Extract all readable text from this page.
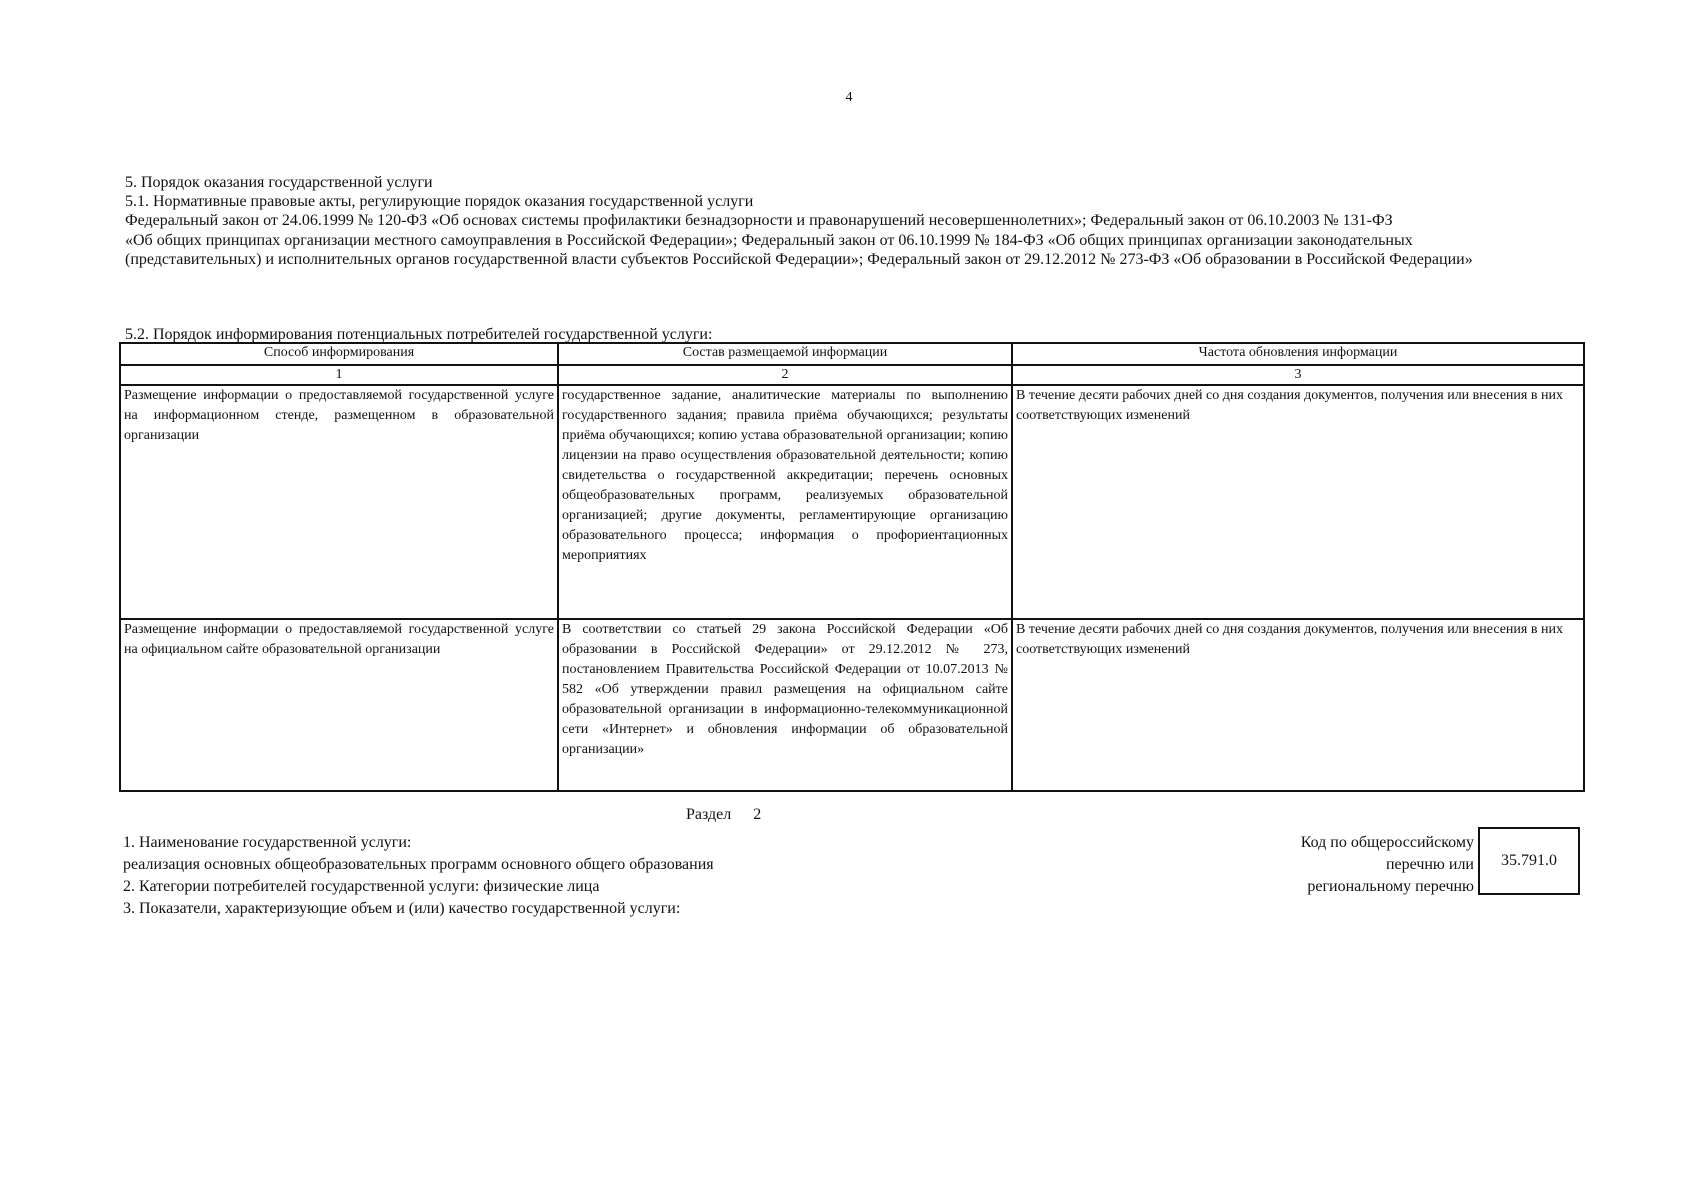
4
5. Порядок оказания государственной услуги
5.1. Нормативные правовые акты, регулирующие порядок оказания государственной услуги
Федеральный закон от 24.06.1999 № 120-ФЗ «Об основах системы профилактики безнадзорности и правонарушений несовершеннолетних»; Федеральный закон от 06.10.2003 № 131-ФЗ
«Об общих принципах организации местного самоуправления в Российской Федерации»; Федеральный закон от 06.10.1999 № 184-ФЗ «Об общих принципах организации законодательных
(представительных) и исполнительных органов государственной власти субъектов Российской Федерации»; Федеральный закон от 29.12.2012 № 273-ФЗ «Об образовании в Российской Федерации»
5.2. Порядок информирования потенциальных потребителей государственной услуги:
Способ информирования	Состав размещаемой информации	Частота обновления информации
1	2	3
Размещение информации о предоставляемой государственной услуге на информационном стенде, размещенном в образовательной организации	государственное задание, аналитические материалы по выполнению государственного задания; правила приёма обучающихся; результаты приёма обучающихся; копию устава образовательной организации; копию лицензии на право осуществления образовательной деятельности; копию свидетельства о государственной аккредитации; перечень основных общеобразовательных программ, реализуемых образовательной организацией; другие документы, регламентирующие организацию образовательного процесса; информация о профориентационных мероприятиях	В течение десяти рабочих дней со дня создания документов, получения или внесения в них соответствующих изменений
Размещение информации о предоставляемой государственной услуге на официальном сайте образовательной организации	В соответствии со статьей 29 закона Российской Федерации «Об образовании в Российской Федерации» от 29.12.2012 № 273, постановлением Правительства Российской Федерации от 10.07.2013 № 582 «Об утверждении правил размещения на официальном сайте образовательной организации в информационно-телекоммуникационной сети «Интернет» и обновления информации об образовательной организации»	В течение десяти рабочих дней со дня создания документов, получения или внесения в них соответствующих изменений
Раздел 2
1. Наименование государственной услуги:
реализация основных общеобразовательных программ основного общего образования
2. Категории потребителей государственной услуги: физические лица
3. Показатели, характеризующие объем и (или) качество государственной услуги:
Код по общероссийскому
перечню или
региональному перечню
35.791.0
